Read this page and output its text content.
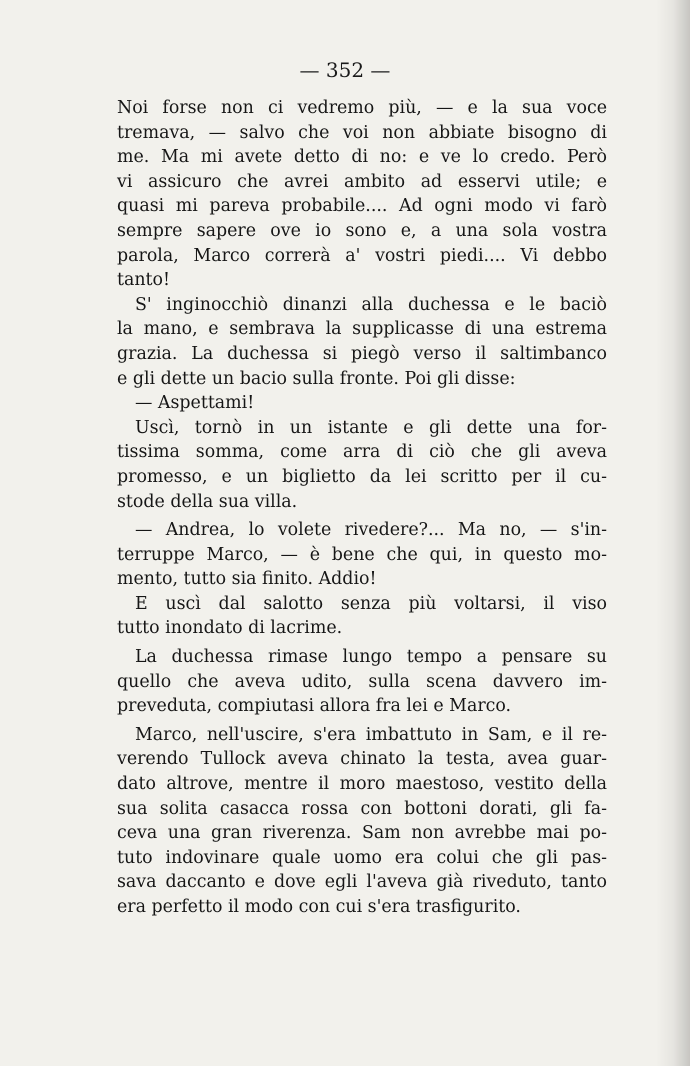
— 352 —

Noi forse non ci vedremo più, — e la sua voce
tremava, — salvo che voi non abbiate bisogno di
me. Ma mi avete detto di no: e ve lo credo. Però
vi assicuro che avrei ambito ad esservi utile; e
quasi mi pareva probabile.... Ad ogni modo vi farò
sempre sapere ove io sono e, a una sola vostra
parola, Marco correrà a' vostri piedi.... Vi debbo
tanto!

S' inginocchiò dinanzi alla duchessa e le baciò

la mano, e sembrava la supplicasse di una estrema
grazia. La duchessa si piegò verso il saltimbanco
e gli dette un bacio sulla fronte. Poi gli disse:

— Aspettami!

Uscì, tornò in un istante e gli dette una for-

tissima somma, come arra di ciò che gli aveva
promesso, e un biglietto da lei scritto per il cu-
stode della sua villa.

— Andrea, lo volete rivedere?... Ma no, — s'in-

terruppe Marco, — è bene che qui, in questo mo-
mento, tutto sia finito. Addio!

E uscì dal salotto senza più voltarsi, il viso

tutto inondato di lacrime.

La duchessa rimase lungo tempo a pensare su

quello che aveva udito, sulla scena davvero im-
preveduta, compiutasi allora fra lei e Marco.

Marco, nell'uscire, s'era imbattuto in Sam, e il re-

verendo Tullock aveva chinato la testa, avea guar-
dato altrove, mentre il moro maestoso, vestito della
sua solita casacca rossa con bottoni dorati, gli fa-
ceva una gran riverenza. Sam non avrebbe mai po-
tuto indovinare quale uomo era colui che gli pas-
sava daccanto e dove egli l'aveva già riveduto, tanto
era perfetto il modo con cui s'era trasfigurito.
